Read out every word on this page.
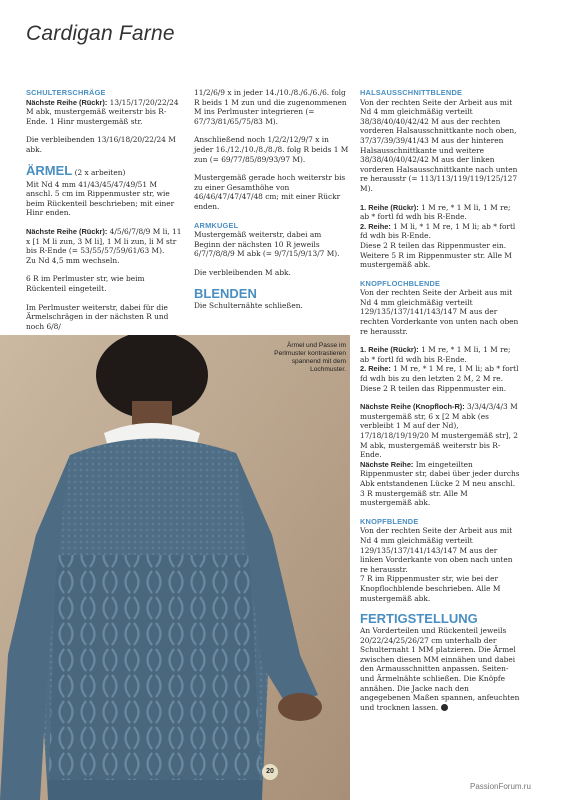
Cardigan Farne
SCHULTERSCHRÄGE

Nächste Reihe (Rückr): 13/15/17/20/22/24 M abk, mustergemäß weiterstr bis R-Ende. 1 Hinr mustergemäß str.

Die verbleibenden 13/16/18/20/22/24 M abk.

ÄRMEL (2 x arbeiten)

Mit Nd 4 mm 41/43/45/47/49/51 M anschl. 5 cm im Rippenmuster str, wie beim Rückenteil beschrieben; mit einer Hinr enden.

Nächste Reihe (Rückr): 4/5/6/7/8/9 M li, 11 x [1 M li zun, 3 M li], 1 M li zun, li M str bis R-Ende (= 53/55/57/59/61/63 M).

Zu Nd 4,5 mm wechseln.

6 R im Perlmuster str, wie beim Rückenteil eingeteilt.

Im Perlmuster weiterstr, dabei für die Ärmelschrägen in der nächsten R und noch 6/8/

11/2/6/9 x in jeder 14./10./8./6./6./6. folg R beids 1 M zun und die zugenommenen M ins Perlmuster integrieren (= 67/73/81/65/75/83 M).

Anschließend noch 1/2/2/12/9/7 x in jeder 16./12./10./8./8./8. folg R beids 1 M zun (= 69/77/85/89/93/97 M).

Mustergemäß gerade hoch weiterstr bis zu einer Gesamthöhe von 46/46/47/47/47/48 cm; mit einer Rückr enden.

ARMKUGEL

Mustergemäß weiterstr, dabei am Beginn der nächsten 10 R jeweils 6/7/7/8/8/9 M abk (= 9/7/15/9/13/7 M).

Die verbleibenden M abk.

BLENDEN

Die Schulternähte schließen.

HALSAUSSCHNITTBLENDE

Von der rechten Seite der Arbeit aus mit Nd 4 mm gleichmäßig verteilt 38/38/40/40/42/42 M aus der rechten vorderen Halsausschnittkante noch oben, 37/37/39/39/41/43 M aus der hinteren Halsausschnittkante und weitere 38/38/40/40/42/42 M aus der linken vorderen Halsausschnittkante nach unten re herausstr (= 113/113/119/119/125/127 M).

1. Reihe (Rückr): 1 M re, * 1 M li, 1 M re; ab * fortl fd wdh bis R-Ende.

2. Reihe: 1 M li, * 1 M re, 1 M li; ab * fortl fd wdh bis R-Ende.

Diese 2 R teilen das Rippenmuster ein. Weitere 5 R im Rippenmuster str. Alle M mustergemäß abk.

KNOPFLOCHBLENDE

Von der rechten Seite der Arbeit aus mit Nd 4 mm gleichmäßig verteilt 129/135/137/141/143/147 M aus der rechten Vorderkante von unten nach oben re herausstr.

1. Reihe (Rückr): 1 M re, * 1 M li, 1 M re; ab * fortl fd wdh bis R-Ende.

2. Reihe: 1 M re, * 1 M re, 1 M li; ab * fortl fd wdh bis zu den letzten 2 M, 2 M re.

Diese 2 R teilen das Rippenmuster ein.

Nächste Reihe (Knopfloch-R): 3/3/4/3/4/3 M mustergemäß str, 6 x [2 M abk (es verbleibt 1 M auf der Nd), 17/18/18/19/19/20 M mustergemäß str], 2 M abk, mustergemäß weiterstr bis R-Ende.

Nächste Reihe: Im eingeteilten Rippenmuster str, dabei über jeder durchs Abk entstandenen Lücke 2 M neu anschl. 3 R mustergemäß str. Alle M mustergemäß abk.

KNOPFBLENDE

Von der rechten Seite der Arbeit aus mit Nd 4 mm gleichmäßig verteilt 129/135/137/141/143/147 M aus der linken Vorderkante von oben nach unten re herausstr.

7 R im Rippenmuster str, wie bei der Knopflochblende beschrieben. Alle M mustergemäß abk.

FERTIGSTELLUNG

An Vorderteilen und Rückenteil jeweils 20/22/24/25/26/27 cm unterhalb der Schulternaht 1 MM platzieren. Die Ärmel zwischen diesen MM einnähen und dabei den Armausschnitten anpassen. Seiten- und Ärmelnähte schließen. Die Knöpfe annähen. Die Jacke nach den angegebenen Maßen spannen, anfeuchten und trocknen lassen.

Ärmel und Passe im Perlmuster kontrastieren spannend mit dem Lochmuster.
20
PassionForum.ru
